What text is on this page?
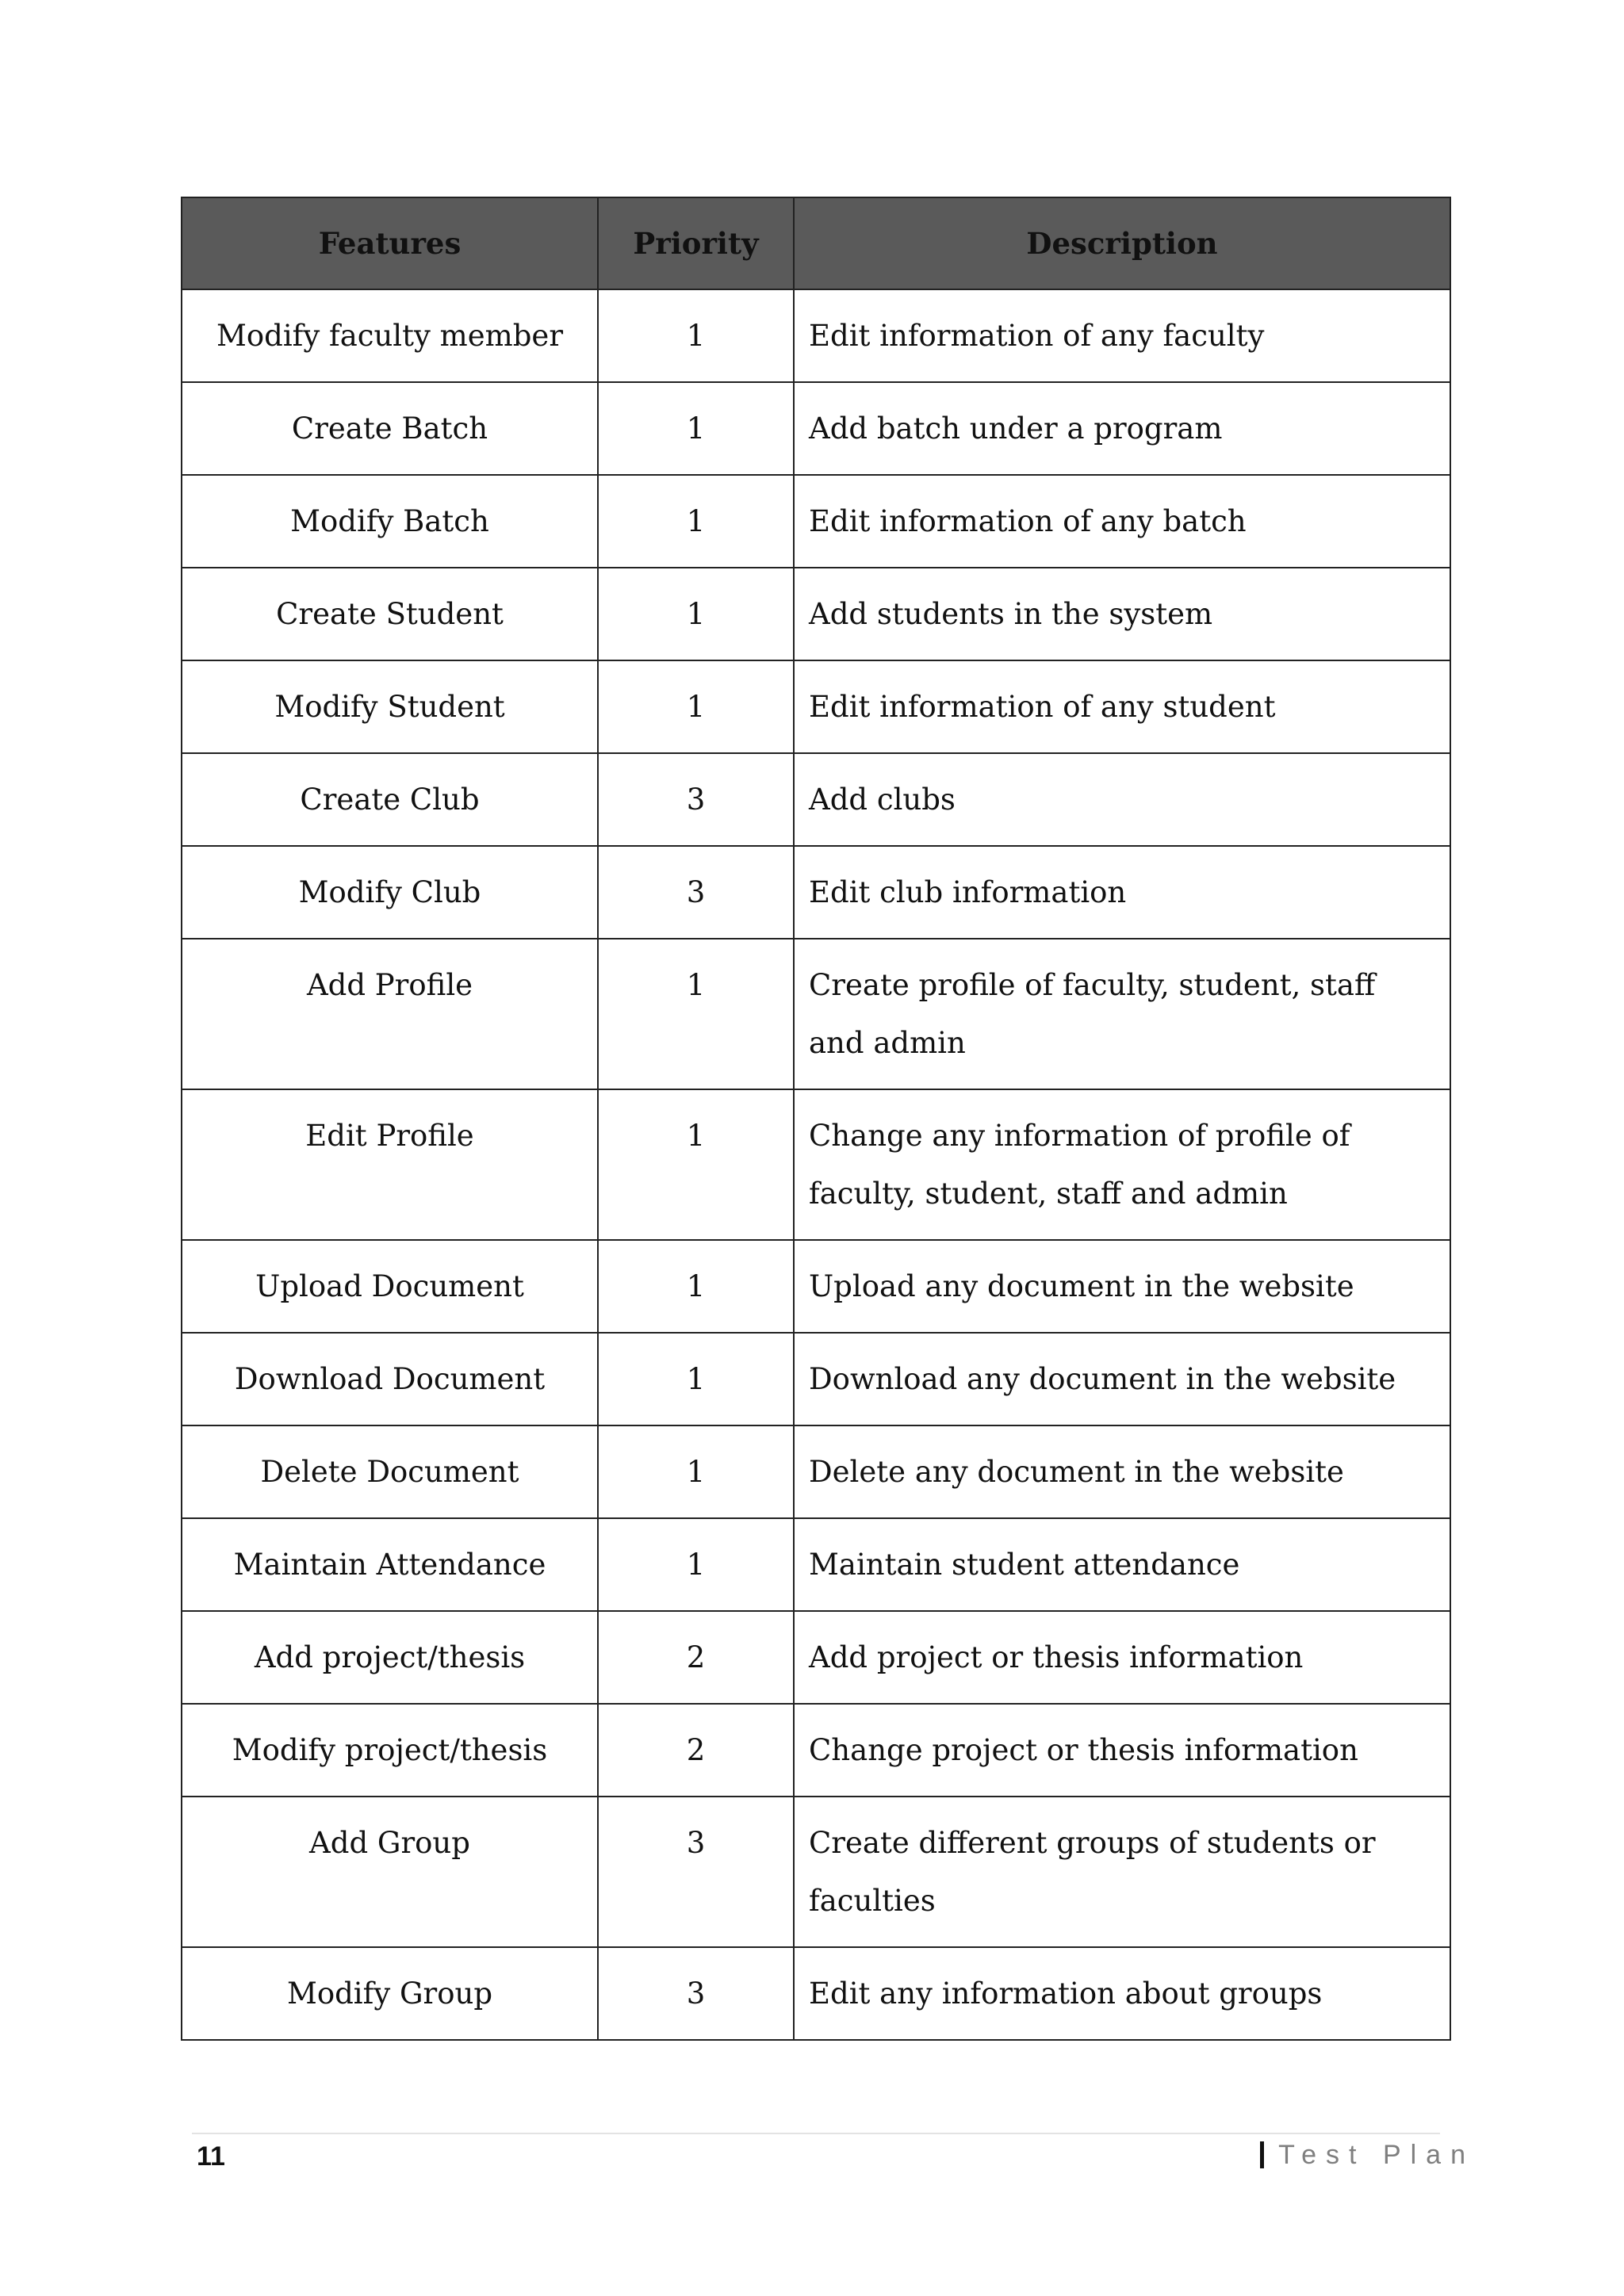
Features	Priority	Description
Modify faculty member	1	Edit information of any faculty
Create Batch	1	Add batch under a program
Modify Batch	1	Edit information of any batch
Create Student	1	Add students in the system
Modify Student	1	Edit information of any student
Create Club	3	Add clubs
Modify Club	3	Edit club information
Add Profile	1	Create profile of faculty, student, staff and admin
Edit Profile	1	Change any information of profile of faculty, student, staff and admin
Upload Document	1	Upload any document in the website
Download Document	1	Download any document in the website
Delete Document	1	Delete any document in the website
Maintain Attendance	1	Maintain student attendance
Add project/thesis	2	Add project or thesis information
Modify project/thesis	2	Change project or thesis information
Add Group	3	Create different groups of students or faculties
Modify Group	3	Edit any information about groups
11	Test Plan
